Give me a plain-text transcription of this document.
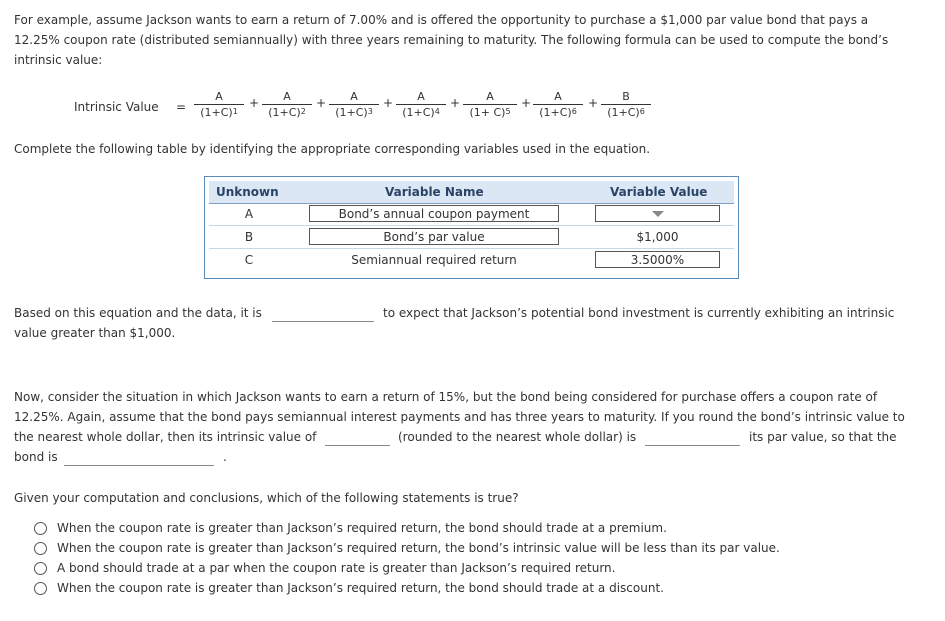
For example, assume Jackson wants to earn a return of 7.00% and is offered the opportunity to purchase a $1,000 par value bond that pays a

12.25% coupon rate (distributed semiannually) with three years remaining to maturity. The following formula can be used to compute the bond’s

intrinsic value:

Intrinsic Value = $\frac{A}{(1+C)^1} + \frac{A}{(1+C)^2} + \frac{A}{(1+C)^3} + \frac{A}{(1+C)^4} + \frac{A}{(1+ C)^5} + \frac{A}{(1+C)^6} + \frac{B}{(1+C)^6}$

Complete the following table by identifying the appropriate corresponding variables used in the equation.

Unknown	Variable Name	Variable Value
A	Bond’s annual coupon payment
B	Bond’s par value	$1,000
C	Semiannual required return	3.5000%
Based on this equation and the data, it is	to expect that Jackson’s potential bond investment is currently exhibiting an intrinsic
value greater than $1,000.

Now, consider the situation in which Jackson wants to earn a return of 15%, but the bond being considered for purchase offers a coupon rate of

12.25%. Again, assume that the bond pays semiannual interest payments and has three years to maturity. If you round the bond’s intrinsic value to

the nearest whole dollar, then its intrinsic value of	(rounded to the nearest whole dollar) is	its par value, so that the
bond is	.
Given your computation and conclusions, which of the following statements is true?
When the coupon rate is greater than Jackson’s required return, the bond should trade at a premium.
When the coupon rate is greater than Jackson’s required return, the bond’s intrinsic value will be less than its par value.
A bond should trade at a par when the coupon rate is greater than Jackson’s required return.
When the coupon rate is greater than Jackson’s required return, the bond should trade at a discount.
